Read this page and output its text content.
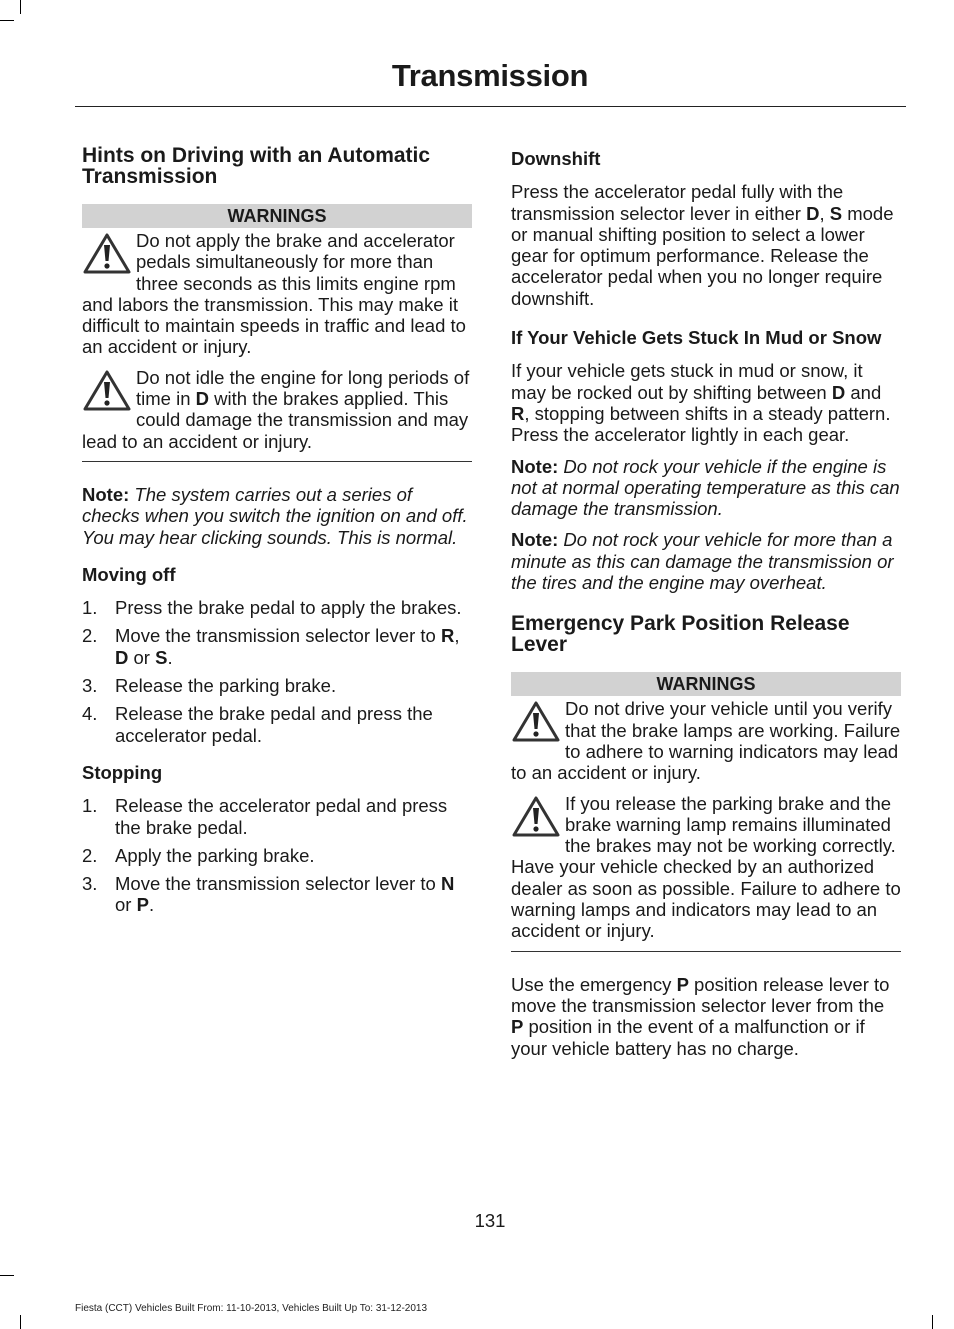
Transmission
Hints on Driving with an Automatic Transmission
WARNINGS
Do not apply the brake and accelerator pedals simultaneously for more than three seconds as this limits engine rpm and labors the transmission. This may make it difficult to maintain speeds in traffic and lead to an accident or injury.
Do not idle the engine for long periods of time in D with the brakes applied. This could damage the transmission and may lead to an accident or injury.

Note: The system carries out a series of checks when you switch the ignition on and off. You may hear clicking sounds. This is normal.

Moving off
1. Press the brake pedal to apply the brakes.
2. Move the transmission selector lever to R, D or S.
3. Release the parking brake.
4. Release the brake pedal and press the accelerator pedal.
Stopping
1. Release the accelerator pedal and press the brake pedal.
2. Apply the parking brake.
3. Move the transmission selector lever to N or P.
Downshift

Press the accelerator pedal fully with the transmission selector lever in either D, S mode or manual shifting position to select a lower gear for optimum performance. Release the accelerator pedal when you no longer require downshift.

If Your Vehicle Gets Stuck In Mud or Snow

If your vehicle gets stuck in mud or snow, it may be rocked out by shifting between D and R, stopping between shifts in a steady pattern. Press the accelerator lightly in each gear.

Note: Do not rock your vehicle if the engine is not at normal operating temperature as this can damage the transmission.

Note: Do not rock your vehicle for more than a minute as this can damage the transmission or the tires and the engine may overheat.

Emergency Park Position Release Lever
WARNINGS
Do not drive your vehicle until you verify that the brake lamps are working. Failure to adhere to warning indicators may lead to an accident or injury.
If you release the parking brake and the brake warning lamp remains illuminated the brakes may not be working correctly. Have your vehicle checked by an authorized dealer as soon as possible. Failure to adhere to warning lamps and indicators may lead to an accident or injury.

Use the emergency P position release lever to move the transmission selector lever from the P position in the event of a malfunction or if your vehicle battery has no charge.

131
Fiesta (CCT) Vehicles Built From: 11-10-2013, Vehicles Built Up To: 31-12-2013
